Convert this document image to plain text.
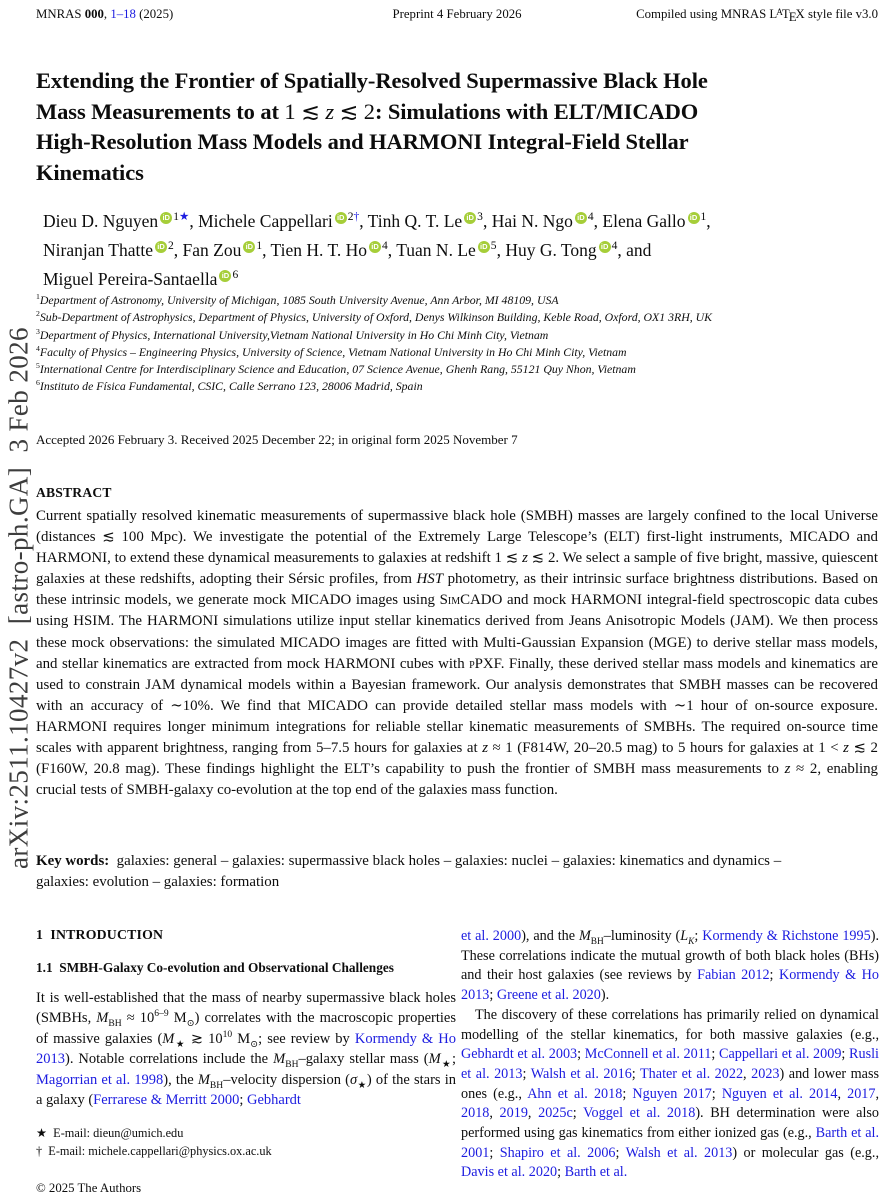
arXiv:2511.10427v2  [astro-ph.GA]  3 Feb 2026
MNRAS 000, 1–18 (2025)	Preprint 4 February 2026	Compiled using MNRAS $L^ATEX$ style file v3.0
Extending the Frontier of Spatially-Resolved Supermassive Black Hole
Mass Measurements to at 1 ≲ z ≲ 2: Simulations with ELT/MICADO
High-Resolution Mass Models and HARMONI Integral-Field Stellar
Kinematics
Dieu D. Nguyen iD $^{1★}$, Michele Cappellari iD $^{2\dagger}$, Tinh Q. T. Le iD $^3$, Hai N. Ngo iD $^4$, Elena Gallo iD $^1$,
Niranjan Thatte iD $^2$, Fan Zou iD $^1$, Tien H. T. Ho iD $^4$, Tuan N. Le iD $^5$, Huy G. Tong iD $^4$, and
Miguel Pereira-Santaella iD $^6$
$^1$Department of Astronomy, University of Michigan, 1085 South University Avenue, Ann Arbor, MI 48109, USA
$^2$Sub-Department of Astrophysics, Department of Physics, University of Oxford, Denys Wilkinson Building, Keble Road, Oxford, OX1 3RH, UK
$^3$Department of Physics, International University,Vietnam National University in Ho Chi Minh City, Vietnam
$^4$Faculty of Physics – Engineering Physics, University of Science, Vietnam National University in Ho Chi Minh City, Vietnam
$^5$International Centre for Interdisciplinary Science and Education, 07 Science Avenue, Ghenh Rang, 55121 Quy Nhon, Vietnam
$^6$Instituto de Física Fundamental, CSIC, Calle Serrano 123, 28006 Madrid, Spain
Accepted 2026 February 3. Received 2025 December 22; in original form 2025 November 7
ABSTRACT
Current spatially resolved kinematic measurements of supermassive black hole (SMBH) masses are largely confined to the local Universe (distances ≲ 100 Mpc). We investigate the potential of the Extremely Large Telescope’s (ELT) first-light instruments, MICADO and HARMONI, to extend these dynamical measurements to galaxies at redshift 1 ≲ z ≲ 2. We select a sample of five bright, massive, quiescent galaxies at these redshifts, adopting their Sérsic profiles, from HST photometry, as their intrinsic surface brightness distributions. Based on these intrinsic models, we generate mock MICADO images using SimCADO and mock HARMONI integral-field spectroscopic data cubes using HSIM. The HARMONI simulations utilize input stellar kinematics derived from Jeans Anisotropic Models (JAM). We then process these mock observations: the simulated MICADO images are fitted with Multi-Gaussian Expansion (MGE) to derive stellar mass models, and stellar kinematics are extracted from mock HARMONI cubes with pPXF. Finally, these derived stellar mass models and kinematics are used to constrain JAM dynamical models within a Bayesian framework. Our analysis demonstrates that SMBH masses can be recovered with an accuracy of ∼10%. We find that MICADO can provide detailed stellar mass models with ∼1 hour of on-source exposure. HARMONI requires longer minimum integrations for reliable stellar kinematic measurements of SMBHs. The required on-source time scales with apparent brightness, ranging from 5–7.5 hours for galaxies at z ≈ 1 (F814W, 20–20.5 mag) to 5 hours for galaxies at 1 < z ≲ 2 (F160W, 20.8 mag). These findings highlight the ELT’s capability to push the frontier of SMBH mass measurements to z ≈ 2, enabling crucial tests of SMBH-galaxy co-evolution at the top end of the galaxies mass function.
Key words:  galaxies: general – galaxies: supermassive black holes – galaxies: nuclei – galaxies: kinematics and dynamics –
galaxies: evolution – galaxies: formation
1  INTRODUCTION
1.1  SMBH-Galaxy Co-evolution and Observational Challenges

It is well-established that the mass of nearby supermassive black holes (SMBHs, $M_{BH} \approx 10^{6-9}$ $M_⊙$) correlates with the macroscopic properties of massive galaxies ($M_★$ ≳ $10^{10}$ $M_⊙$; see review by Kormendy & Ho 2013). Notable correlations include the $M_{BH}$–galaxy stellar mass ($M_★$; Magorrian et al. 1998), the $M_{BH}$–velocity dispersion $(\sigma_★)$ of the stars in a galaxy (Ferrarese & Merritt 2000; Gebhardt

et al. 2000), and the $M_{BH}$–luminosity ($L_K$; Kormendy & Richstone 1995). These correlations indicate the mutual growth of both black holes (BHs) and their host galaxies (see reviews by Fabian 2012; Kormendy & Ho 2013; Greene et al. 2020).

The discovery of these correlations has primarily relied on dynamical modelling of the stellar kinematics, for both massive galaxies (e.g., Gebhardt et al. 2003; McConnell et al. 2011; Cappellari et al. 2009; Rusli et al. 2013; Walsh et al. 2016; Thater et al. 2022, 2023) and lower mass ones (e.g., Ahn et al. 2018; Nguyen 2017; Nguyen et al. 2014, 2017, 2018, 2019, 2025c; Voggel et al. 2018). BH determination were also performed using gas kinematics from either ionized gas (e.g., Barth et al. 2001; Shapiro et al. 2006; Walsh et al. 2013) or molecular gas (e.g., Davis et al. 2020; Barth et al.

★  E-mail: dieun@umich.edu
†  E-mail: michele.cappellari@physics.ox.ac.uk
© 2025 The Authors
